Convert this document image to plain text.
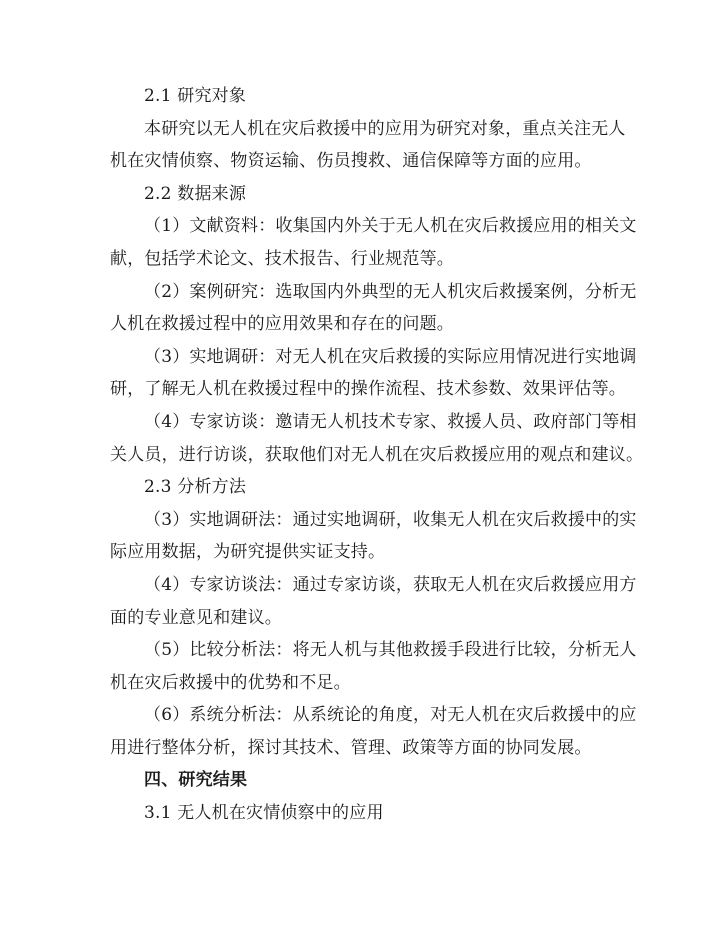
2.1 研究对象
本研究以无人机在灾后救援中的应用为研究对象，重点关注无人
机在灾情侦察、物资运输、伤员搜救、通信保障等方面的应用。
2.2 数据来源
（1）文献资料：收集国内外关于无人机在灾后救援应用的相关文
献，包括学术论文、技术报告、行业规范等。
（2）案例研究：选取国内外典型的无人机灾后救援案例，分析无
人机在救援过程中的应用效果和存在的问题。
（3）实地调研：对无人机在灾后救援的实际应用情况进行实地调
研，了解无人机在救援过程中的操作流程、技术参数、效果评估等。
（4）专家访谈：邀请无人机技术专家、救援人员、政府部门等相
关人员，进行访谈，获取他们对无人机在灾后救援应用的观点和建议。
2.3 分析方法
（3）实地调研法：通过实地调研，收集无人机在灾后救援中的实
际应用数据，为研究提供实证支持。
（4）专家访谈法：通过专家访谈，获取无人机在灾后救援应用方
面的专业意见和建议。
（5）比较分析法：将无人机与其他救援手段进行比较，分析无人
机在灾后救援中的优势和不足。
（6）系统分析法：从系统论的角度，对无人机在灾后救援中的应
用进行整体分析，探讨其技术、管理、政策等方面的协同发展。
四、研究结果
3.1 无人机在灾情侦察中的应用
